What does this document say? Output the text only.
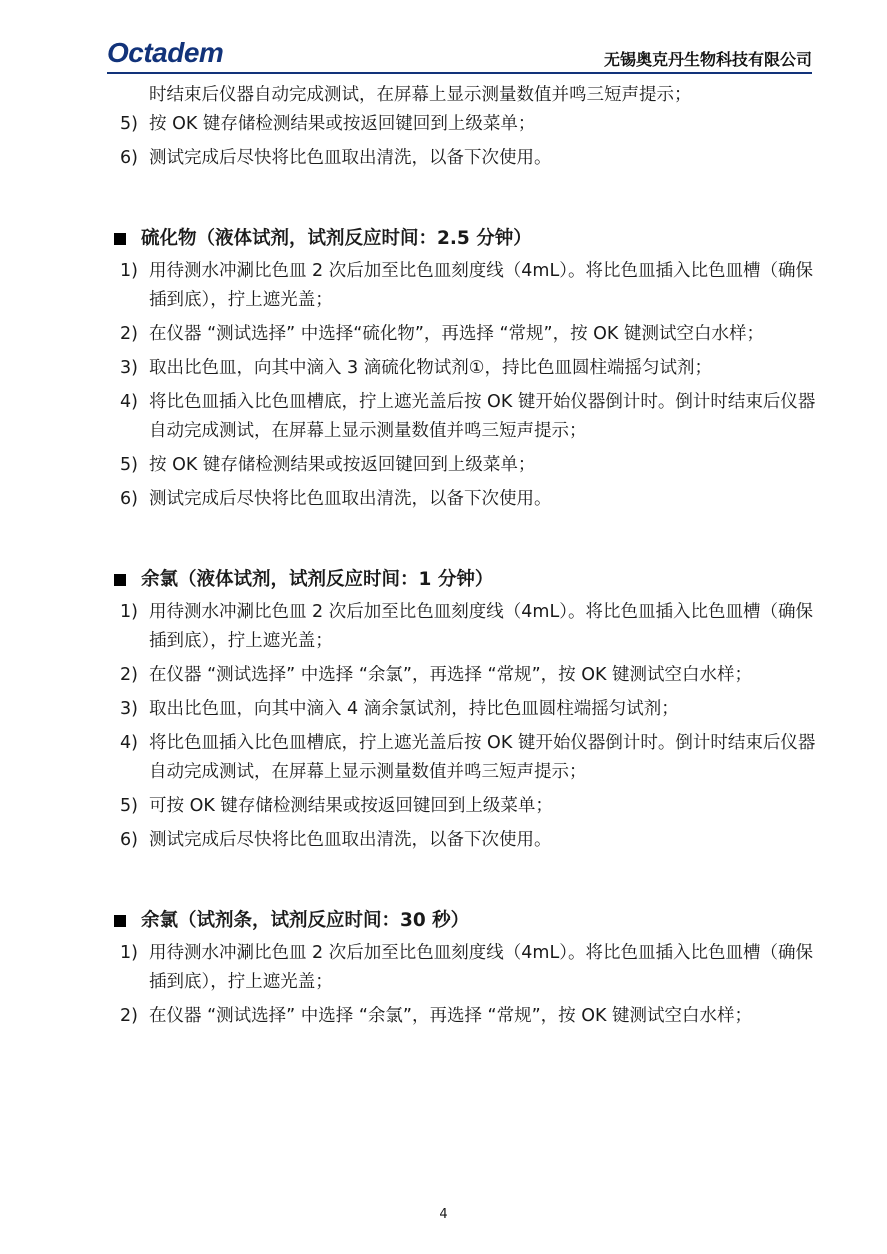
Octadem	无锡奥克丹生物科技有限公司

时结束后仪器自动完成测试，在屏幕上显示测量数值并鸣三短声提示；

5) 按 OK 键存储检测结果或按返回键回到上级菜单；
6) 测试完成后尽快将比色皿取出清洗，以备下次使用。
硫化物（液体试剂，试剂反应时间：2.5 分钟）
1) 用待测水冲涮比色皿 2 次后加至比色皿刻度线（4mL）。将比色皿插入比色皿槽（确保插到底），拧上遮光盖；
2) 在仪器 “测试选择” 中选择“硫化物”，再选择 “常规”，按 OK 键测试空白水样；
3) 取出比色皿，向其中滴入 3 滴硫化物试剂①，持比色皿圆柱端摇匀试剂；
4) 将比色皿插入比色皿槽底，拧上遮光盖后按 OK 键开始仪器倒计时。倒计时结束后仪器自动完成测试，在屏幕上显示测量数值并鸣三短声提示；
5) 按 OK 键存储检测结果或按返回键回到上级菜单；
6) 测试完成后尽快将比色皿取出清洗，以备下次使用。
余氯（液体试剂，试剂反应时间：1 分钟）
1) 用待测水冲涮比色皿 2 次后加至比色皿刻度线（4mL）。将比色皿插入比色皿槽（确保插到底），拧上遮光盖；
2) 在仪器 “测试选择” 中选择 “余氯”，再选择 “常规”，按 OK 键测试空白水样；
3) 取出比色皿，向其中滴入 4 滴余氯试剂，持比色皿圆柱端摇匀试剂；
4) 将比色皿插入比色皿槽底，拧上遮光盖后按 OK 键开始仪器倒计时。倒计时结束后仪器自动完成测试，在屏幕上显示测量数值并鸣三短声提示；
5) 可按 OK 键存储检测结果或按返回键回到上级菜单；
6) 测试完成后尽快将比色皿取出清洗，以备下次使用。
余氯（试剂条，试剂反应时间：30 秒）
1) 用待测水冲涮比色皿 2 次后加至比色皿刻度线（4mL）。将比色皿插入比色皿槽（确保插到底），拧上遮光盖；
2) 在仪器 “测试选择” 中选择 “余氯”，再选择 “常规”，按 OK 键测试空白水样；
4
